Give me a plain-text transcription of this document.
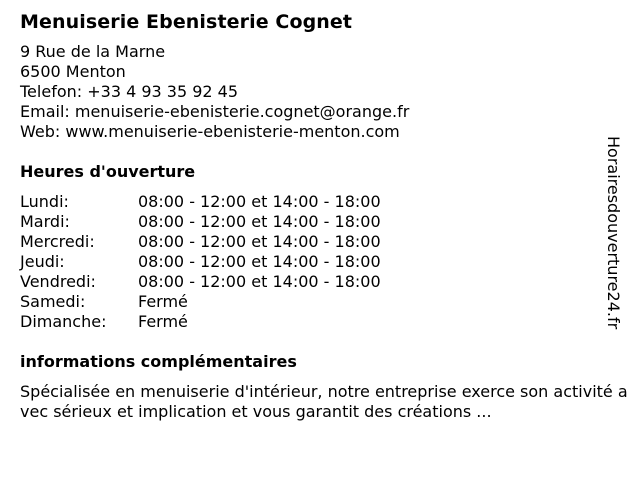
Menuiserie Ebenisterie Cognet
9 Rue de la Marne
6500 Menton
Telefon: +33 4 93 35 92 45
Email: menuiserie-ebenisterie.cognet@orange.fr
Web: www.menuiserie-ebenisterie-menton.com
Heures d'ouverture
Lundi:	08:00 - 12:00 et 14:00 - 18:00
Mardi:	08:00 - 12:00 et 14:00 - 18:00
Mercredi:	08:00 - 12:00 et 14:00 - 18:00
Jeudi:	08:00 - 12:00 et 14:00 - 18:00
Vendredi:	08:00 - 12:00 et 14:00 - 18:00
Samedi:	Fermé
Dimanche:	Fermé
informations complémentaires
Spécialisée en menuiserie d'intérieur, notre entreprise exerce son activité avec sérieux et implication et vous garantit des créations ...
Horairesdouverture24.fr
